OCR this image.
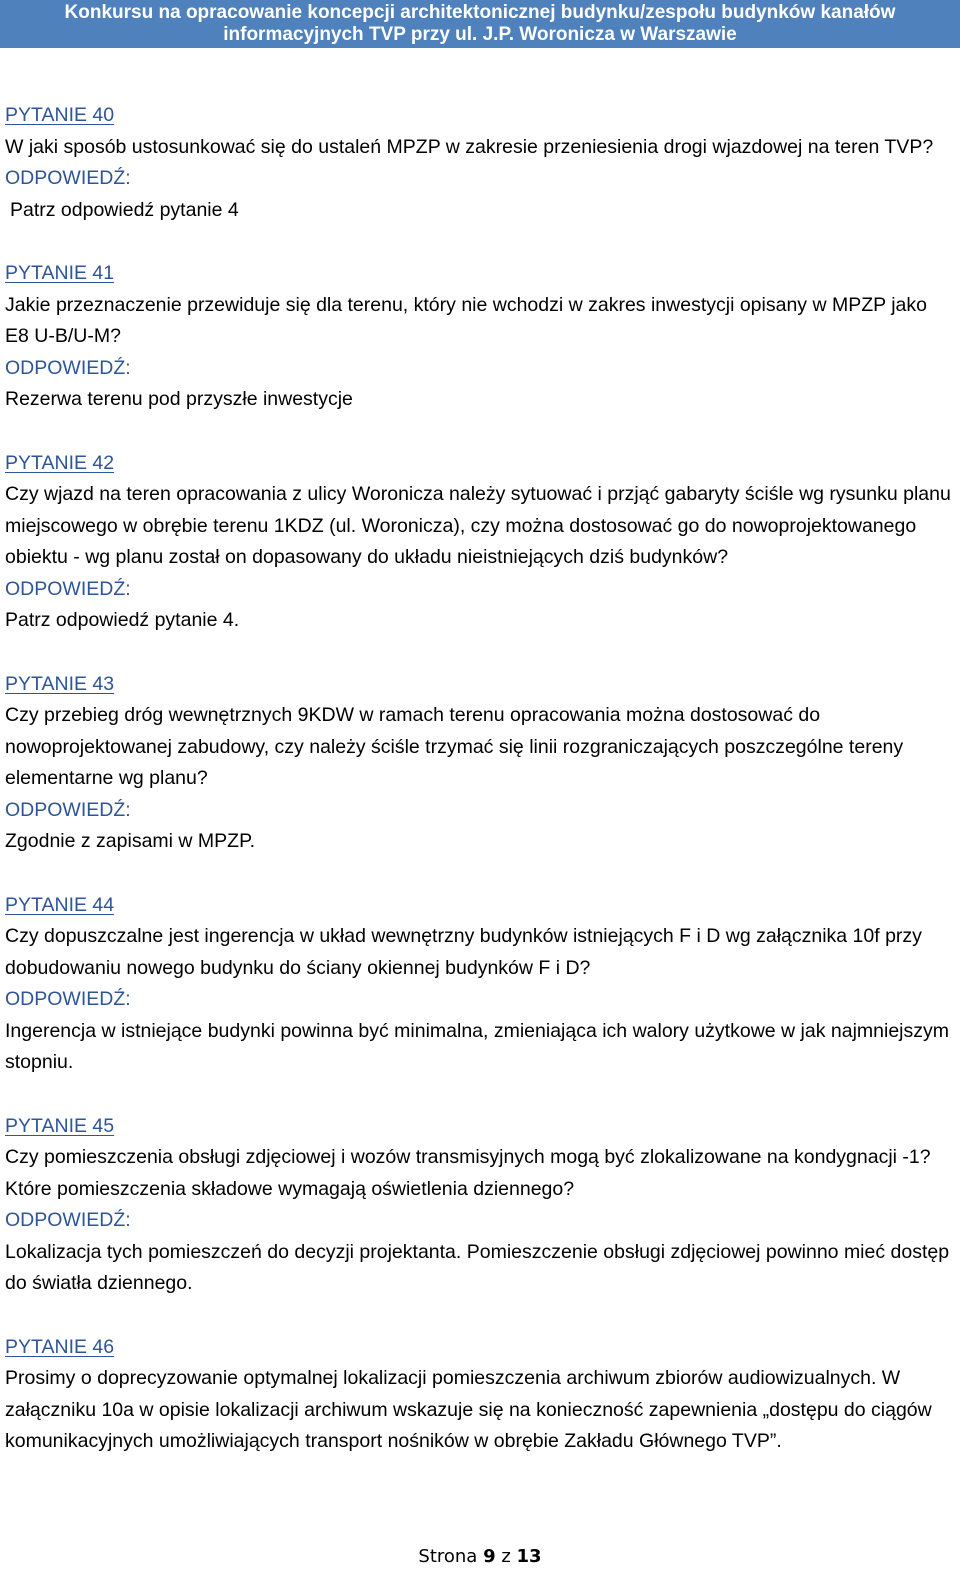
Konkursu na opracowanie koncepcji architektonicznej budynku/zespołu budynków kanałów
informacyjnych TVP przy ul. J.P. Woronicza w Warszawie
PYTANIE 40
W jaki sposób ustosunkować się do ustaleń MPZP w zakresie przeniesienia drogi wjazdowej na teren TVP?
ODPOWIEDŹ:
Patrz odpowiedź pytanie 4
PYTANIE 41
Jakie przeznaczenie przewiduje się dla terenu, który nie wchodzi w zakres inwestycji opisany w MPZP jako E8 U-B/U-M?
ODPOWIEDŹ:
Rezerwa terenu pod przyszłe inwestycje
PYTANIE 42
Czy wjazd na teren opracowania z ulicy Woronicza należy sytuować i przjąć gabaryty ściśle wg rysunku planu miejscowego w obrębie terenu 1KDZ (ul. Woronicza), czy można dostosować go do nowoprojektowanego obiektu - wg planu został on dopasowany do układu nieistniejących dziś budynków?
ODPOWIEDŹ:
Patrz odpowiedź pytanie 4.
PYTANIE 43
Czy przebieg dróg wewnętrznych 9KDW w ramach terenu opracowania można dostosować do nowoprojektowanej zabudowy, czy należy ściśle trzymać się linii rozgraniczających poszczególne tereny elementarne wg planu?
ODPOWIEDŹ:
Zgodnie z zapisami w MPZP.
PYTANIE 44
Czy dopuszczalne jest ingerencja w układ wewnętrzny budynków istniejących F i D wg załącznika 10f przy dobudowaniu nowego budynku do ściany okiennej budynków F i D?
ODPOWIEDŹ:
Ingerencja w istniejące budynki powinna być minimalna, zmieniająca ich walory użytkowe w jak najmniejszym stopniu.
PYTANIE 45
Czy pomieszczenia obsługi zdjęciowej i wozów transmisyjnych mogą być zlokalizowane na kondygnacji -1? Które pomieszczenia składowe wymagają oświetlenia dziennego?
ODPOWIEDŹ:
Lokalizacja tych pomieszczeń do decyzji projektanta. Pomieszczenie obsługi zdjęciowej powinno mieć dostęp do światła dziennego.
PYTANIE 46
Prosimy o doprecyzowanie optymalnej lokalizacji pomieszczenia archiwum zbiorów audiowizualnych. W załączniku 10a w opisie lokalizacji archiwum wskazuje się na konieczność zapewnienia „dostępu do ciągów komunikacyjnych umożliwiających transport nośników w obrębie Zakładu Głównego TVP”.
Strona 9 z 13
